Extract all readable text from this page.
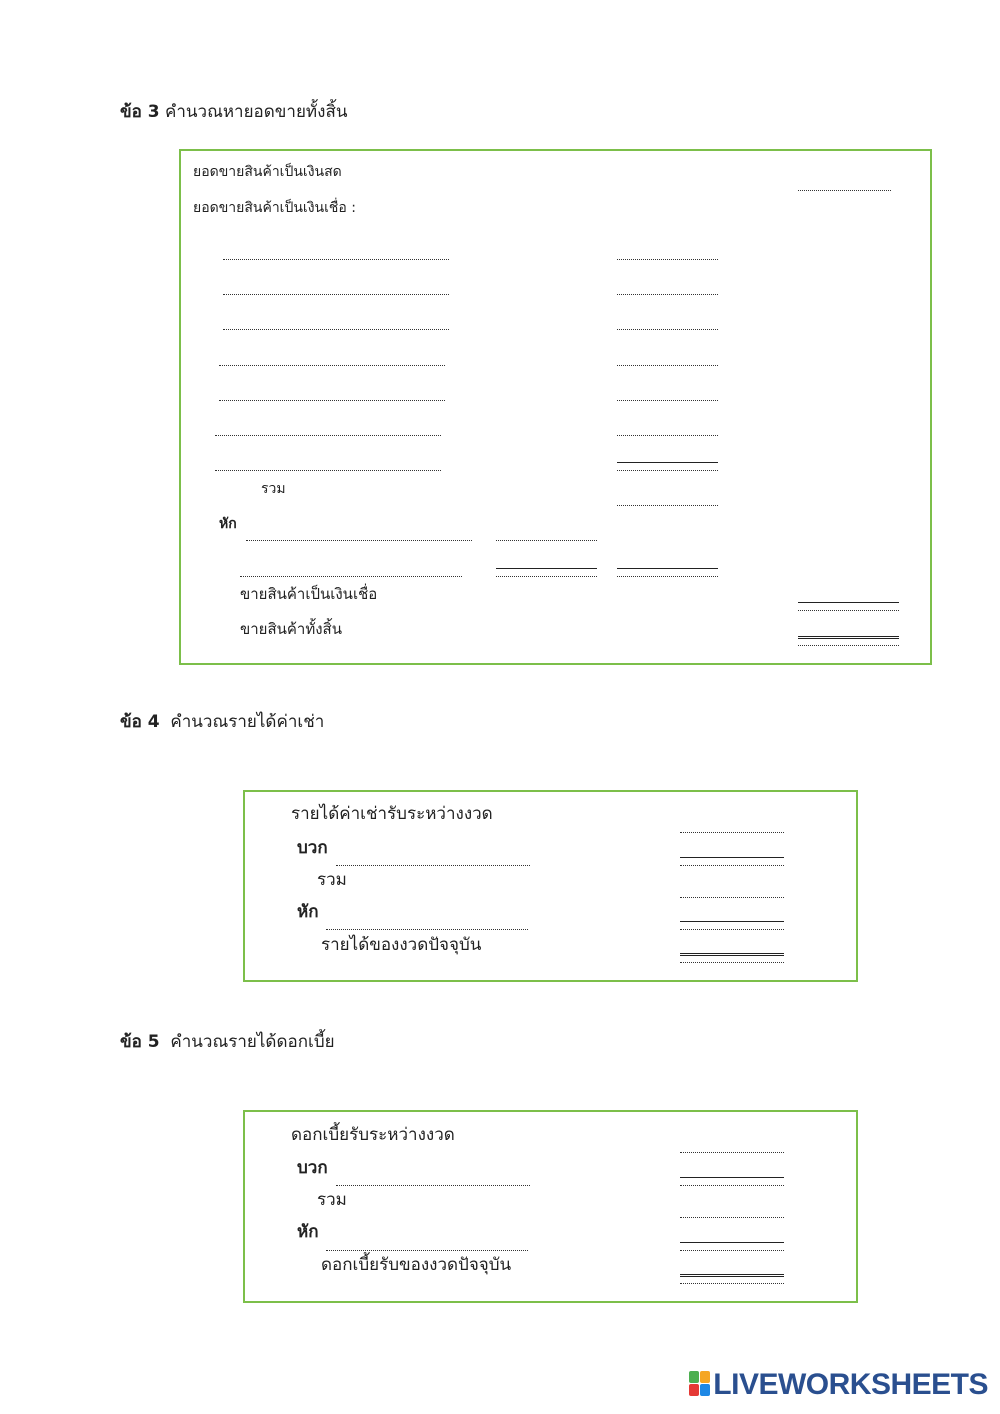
ข้อ 3 คำนวณหายอดขายทั้งสิ้น
ยอดขายสินค้าเป็นเงินสด
ยอดขายสินค้าเป็นเงินเชื่อ :
รวม
หัก
ขายสินค้าเป็นเงินเชื่อ
ขายสินค้าทั้งสิ้น
ข้อ 4 คำนวณรายได้ค่าเช่า
รายได้ค่าเช่ารับระหว่างงวด
บวก
รวม
หัก
รายได้ของงวดปัจจุบัน
ข้อ 5 คำนวณรายได้ดอกเบี้ย
ดอกเบี้ยรับระหว่างงวด
บวก
รวม
หัก
ดอกเบี้ยรับของงวดปัจจุบัน
LIVEWORKSHEETS
